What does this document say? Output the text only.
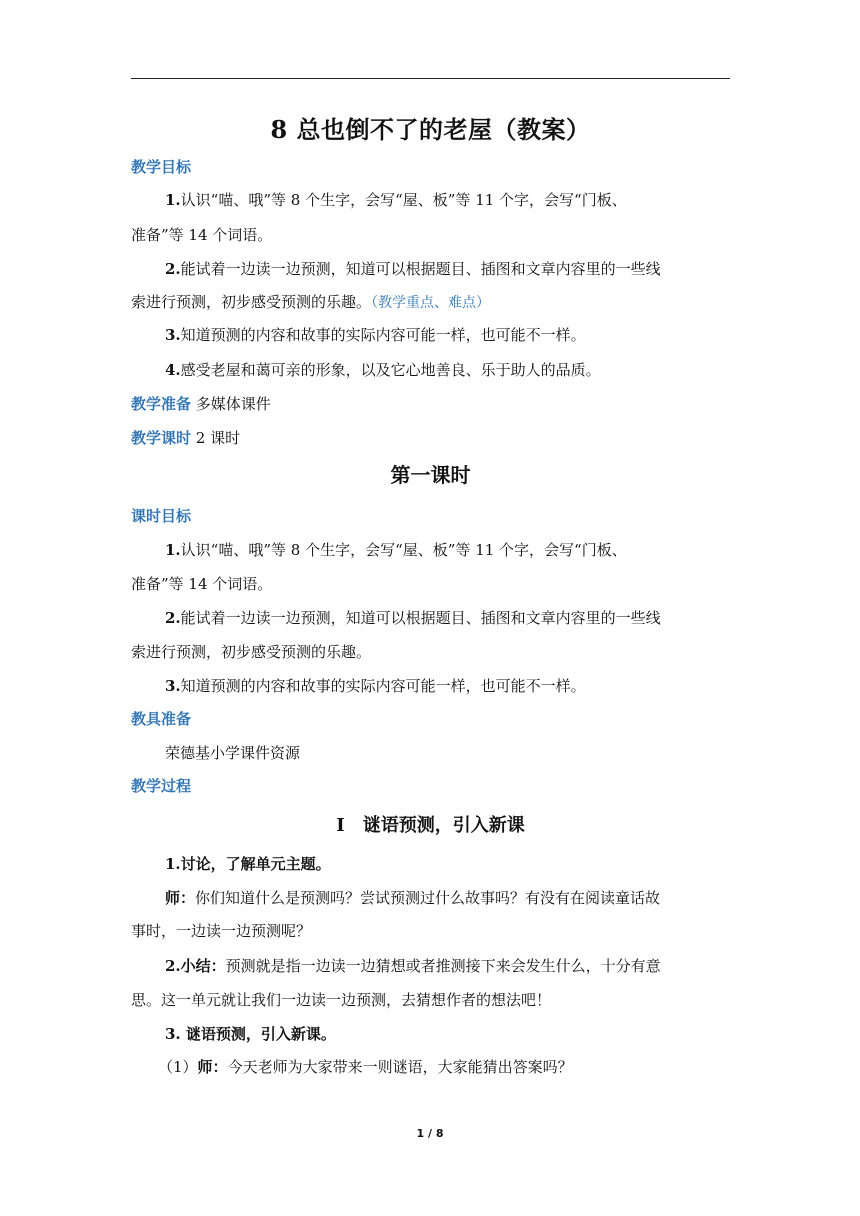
8 总也倒不了的老屋（教案）
教学目标
1.认识“喵、哦”等 8 个生字，会写“屋、板”等 11 个字，会写“门板、
准备”等 14 个词语。
2.能试着一边读一边预测，知道可以根据题目、插图和文章内容里的一些线
索进行预测，初步感受预测的乐趣。（教学重点、难点）
3.知道预测的内容和故事的实际内容可能一样，也可能不一样。
4.感受老屋和蔼可亲的形象，以及它心地善良、乐于助人的品质。
教学准备 多媒体课件
教学课时 2 课时
第一课时
课时目标
1.认识“喵、哦”等 8 个生字，会写“屋、板”等 11 个字，会写“门板、
准备”等 14 个词语。
2.能试着一边读一边预测，知道可以根据题目、插图和文章内容里的一些线
索进行预测，初步感受预测的乐趣。
3.知道预测的内容和故事的实际内容可能一样，也可能不一样。
教具准备
荣德基小学课件资源
教学过程
Ⅰ　谜语预测，引入新课
1.讨论，了解单元主题。
师：你们知道什么是预测吗？尝试预测过什么故事吗？有没有在阅读童话故
事时，一边读一边预测呢？
2.小结：预测就是指一边读一边猜想或者推测接下来会发生什么，十分有意
思。这一单元就让我们一边读一边预测，去猜想作者的想法吧！
3. 谜语预测，引入新课。
（1）师：今天老师为大家带来一则谜语，大家能猜出答案吗？
1 / 8
